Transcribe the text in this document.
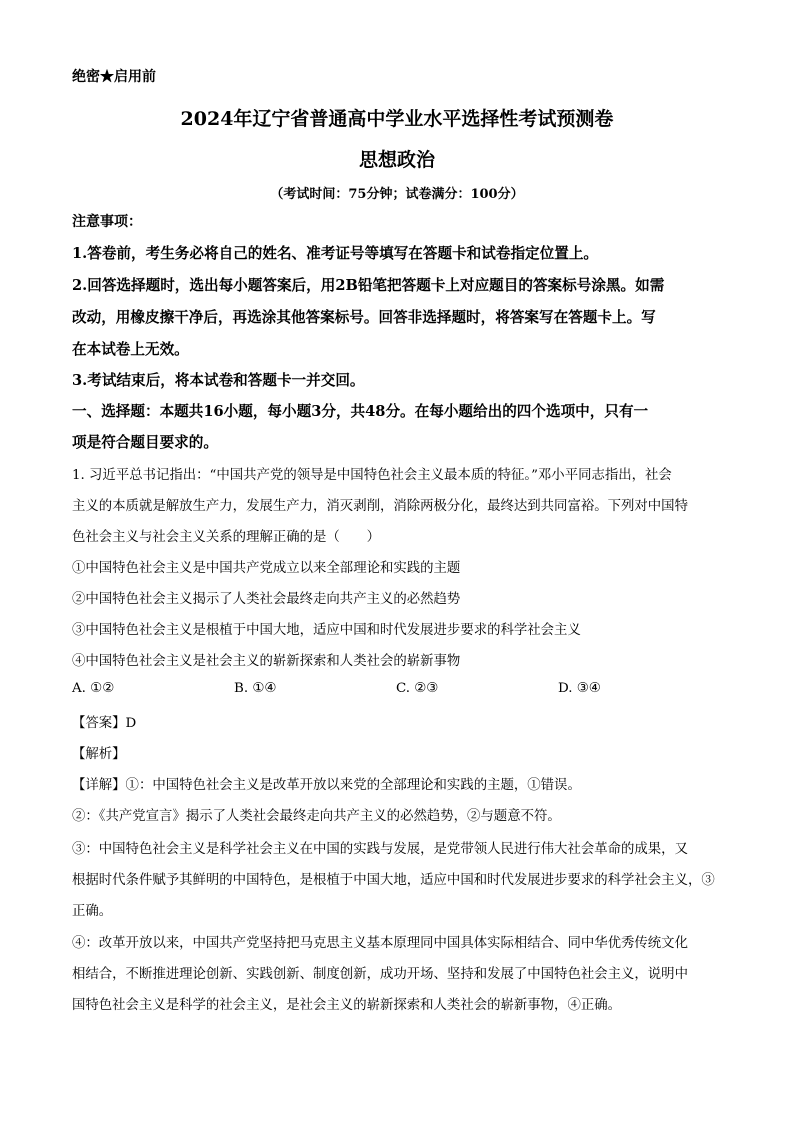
绝密★启用前
2024年辽宁省普通高中学业水平选择性考试预测卷
思想政治
（考试时间：75分钟；试卷满分：100分）
注意事项：
1.答卷前，考生务必将自己的姓名、准考证号等填写在答题卡和试卷指定位置上。
2.回答选择题时，选出每小题答案后，用2B铅笔把答题卡上对应题目的答案标号涂黑。如需
改动，用橡皮擦干净后，再选涂其他答案标号。回答非选择题时，将答案写在答题卡上。写
在本试卷上无效。
3.考试结束后，将本试卷和答题卡一并交回。
一、选择题：本题共16小题，每小题3分，共48分。在每小题给出的四个选项中，只有一
项是符合题目要求的。
1. 习近平总书记指出：“中国共产党的领导是中国特色社会主义最本质的特征。”邓小平同志指出，社会
主义的本质就是解放生产力，发展生产力，消灭剥削，消除两极分化，最终达到共同富裕。下列对中国特
色社会主义与社会主义关系的理解正确的是（　　）
①中国特色社会主义是中国共产党成立以来全部理论和实践的主题
②中国特色社会主义揭示了人类社会最终走向共产主义的必然趋势
③中国特色社会主义是根植于中国大地，适应中国和时代发展进步要求的科学社会主义
④中国特色社会主义是社会主义的崭新探索和人类社会的崭新事物
A. ①②	B. ①④	C. ②③	D. ③④
【答案】D
【解析】
【详解】①：中国特色社会主义是改革开放以来党的全部理论和实践的主题，①错误。
②：《共产党宣言》揭示了人类社会最终走向共产主义的必然趋势，②与题意不符。
③：中国特色社会主义是科学社会主义在中国的实践与发展，是党带领人民进行伟大社会革命的成果，又
根据时代条件赋予其鲜明的中国特色，是根植于中国大地，适应中国和时代发展进步要求的科学社会主义，③
正确。
④：改革开放以来，中国共产党坚持把马克思主义基本原理同中国具体实际相结合、同中华优秀传统文化
相结合，不断推进理论创新、实践创新、制度创新，成功开场、坚持和发展了中国特色社会主义，说明中
国特色社会主义是科学的社会主义，是社会主义的崭新探索和人类社会的崭新事物，④正确。
